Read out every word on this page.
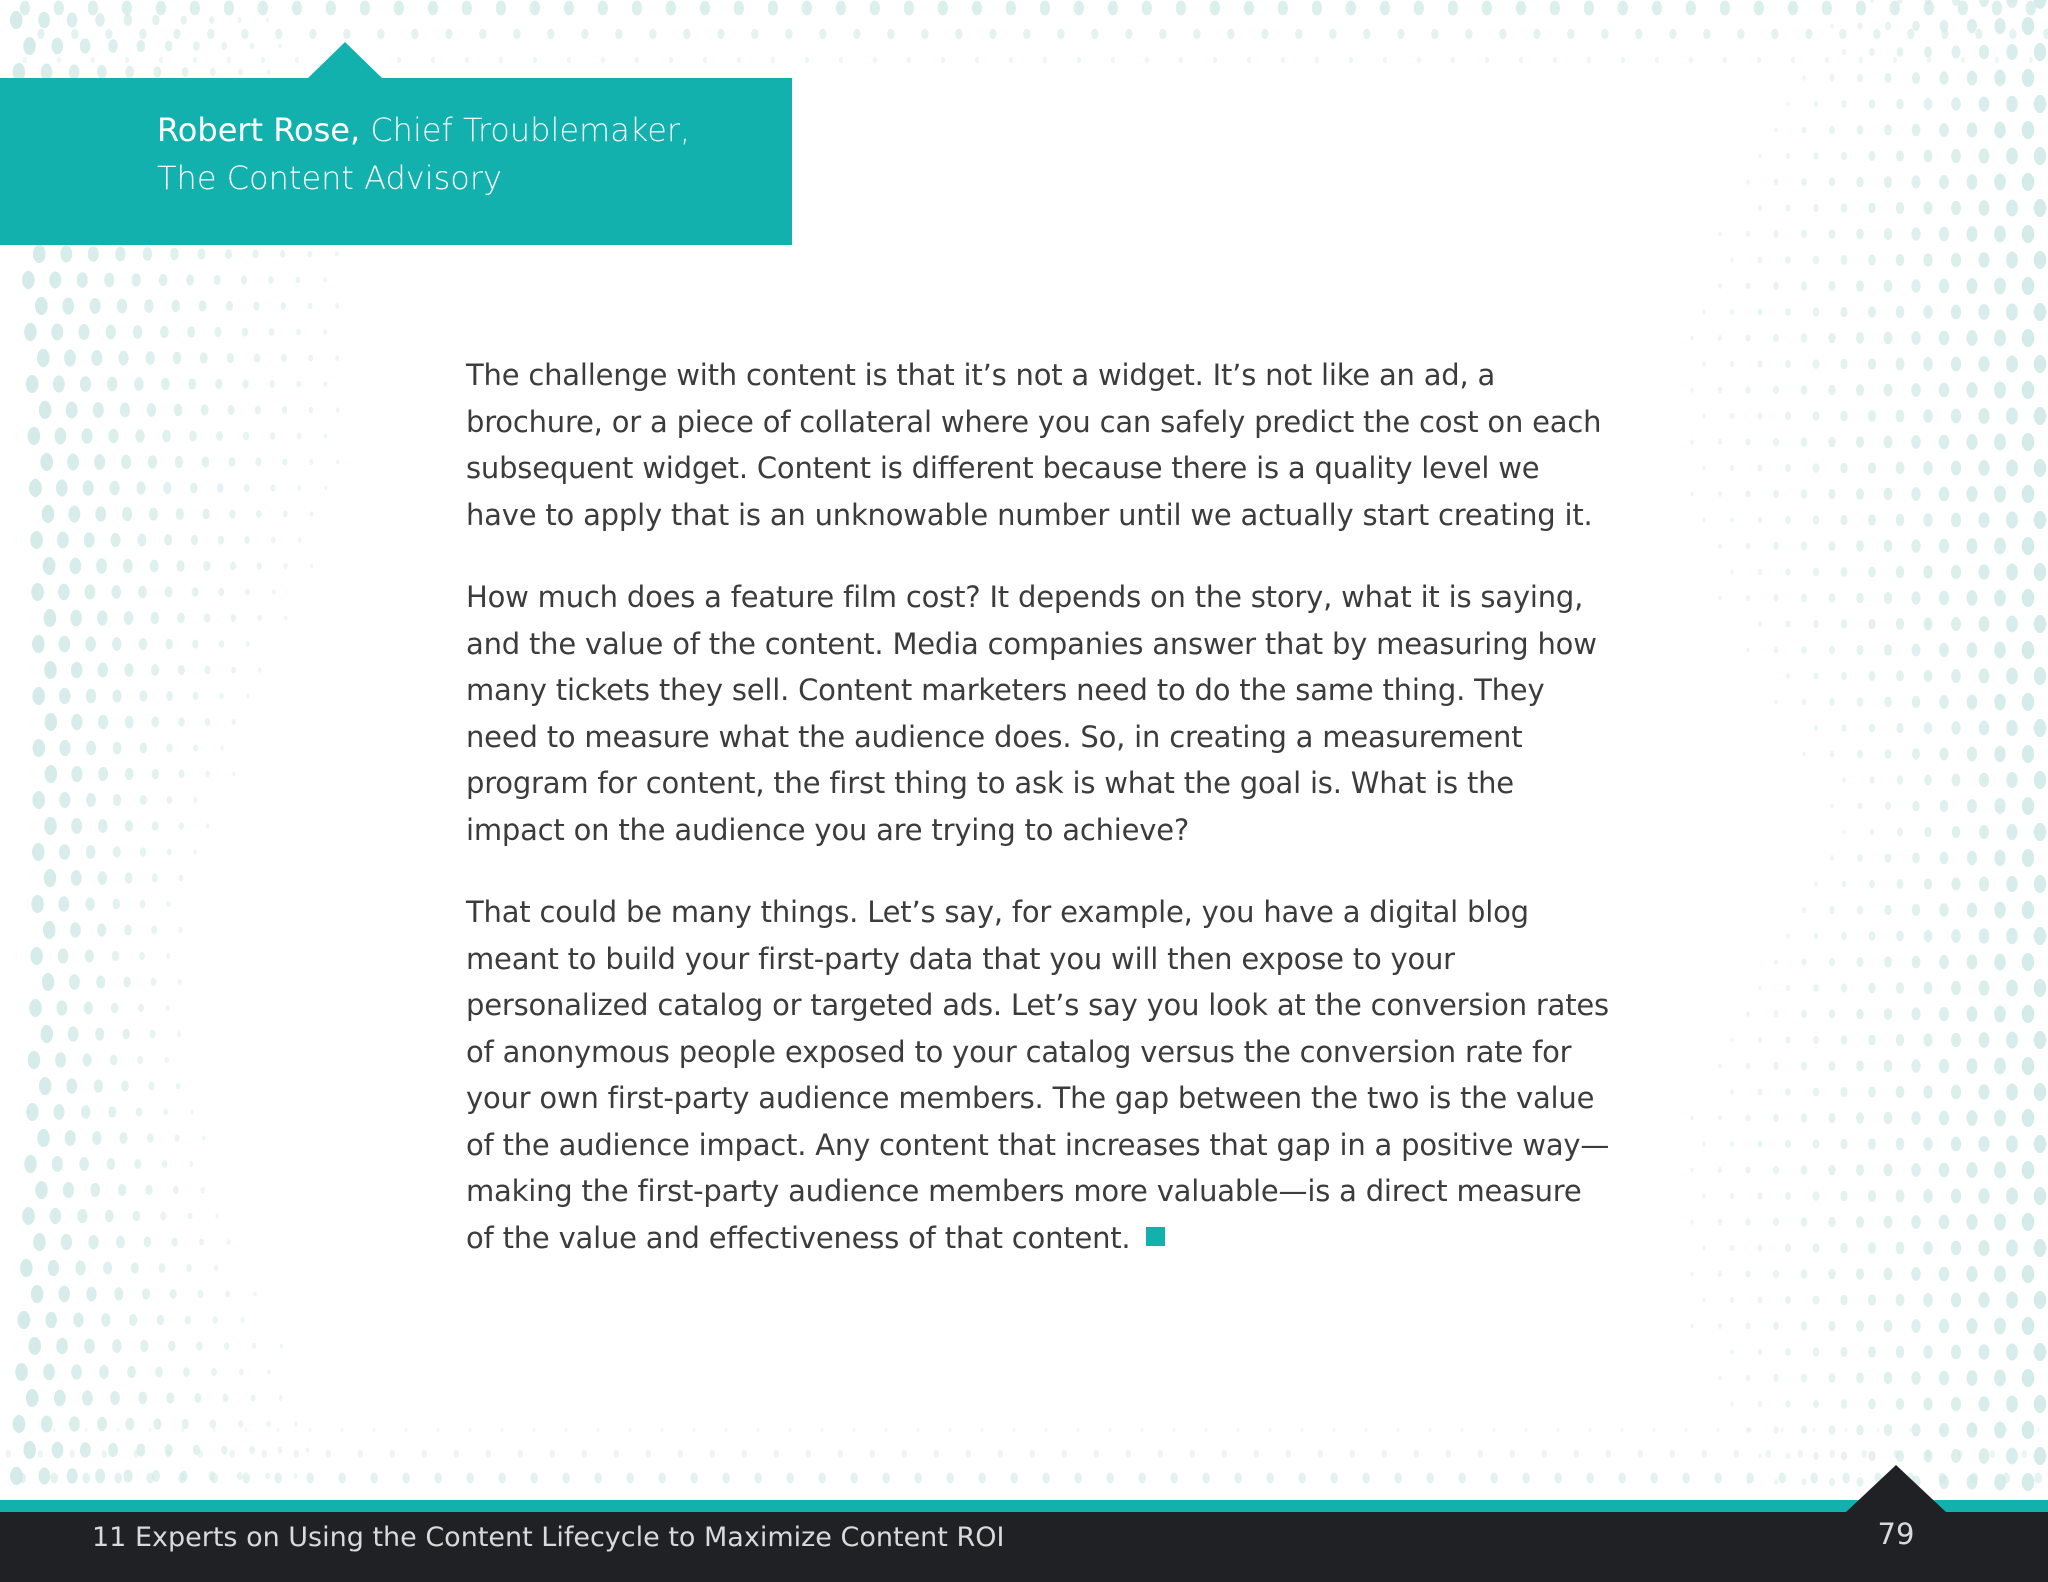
Robert Rose, Chief Troublemaker,
The Content Advisory

The challenge with content is that it’s not a widget. It’s not like an ad, a brochure, or a piece of collateral where you can safely predict the cost on each subsequent widget. Content is different because there is a quality level we have to apply that is an unknowable number until we actually start creating it.

How much does a feature film cost? It depends on the story, what it is saying, and the value of the content. Media companies answer that by measuring how many tickets they sell. Content marketers need to do the same thing. They need to measure what the audience does. So, in creating a measurement program for content, the first thing to ask is what the goal is. What is the impact on the audience you are trying to achieve?

That could be many things. Let’s say, for example, you have a digital blog meant to build your first-party data that you will then expose to your personalized catalog or targeted ads. Let’s say you look at the conversion rates of anonymous people exposed to your catalog versus the conversion rate for your own first-party audience members. The gap between the two is the value of the audience impact. Any content that increases that gap in a positive way—making the first-party audience members more valuable—is a direct measure of the value and effectiveness of that content.

11 Experts on Using the Content Lifecycle to Maximize Content ROI	79
